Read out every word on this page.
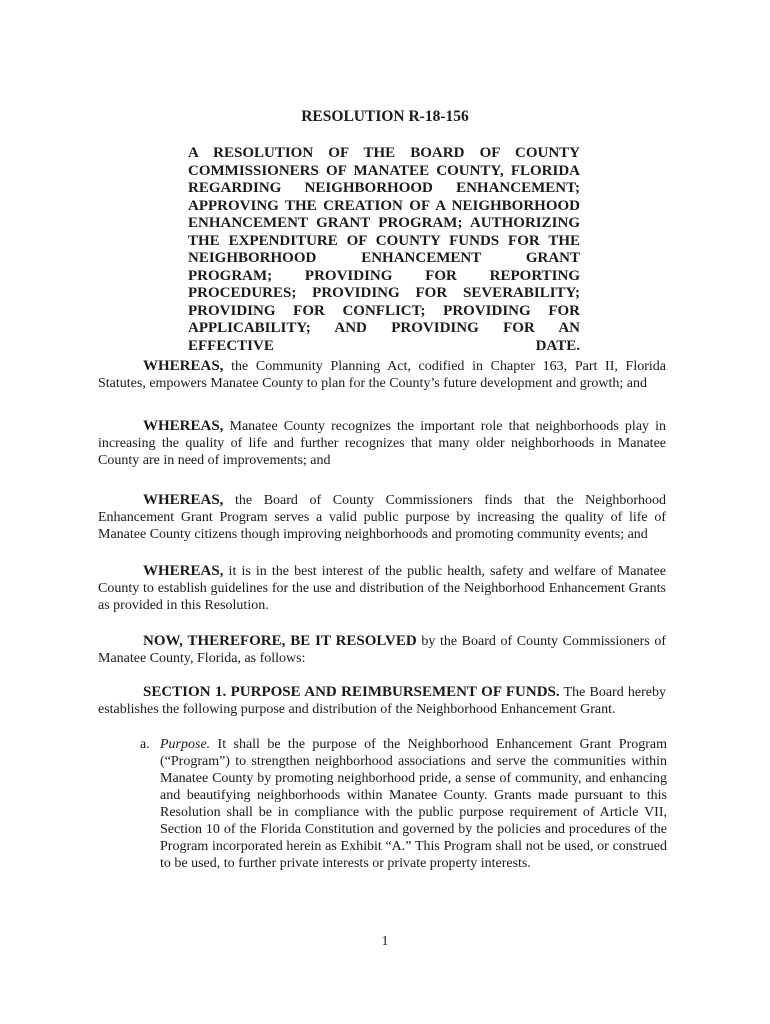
RESOLUTION R-18-156
A RESOLUTION OF THE BOARD OF COUNTY COMMISSIONERS OF MANATEE COUNTY, FLORIDA REGARDING NEIGHBORHOOD ENHANCEMENT; APPROVING THE CREATION OF A NEIGHBORHOOD ENHANCEMENT GRANT PROGRAM; AUTHORIZING THE EXPENDITURE OF COUNTY FUNDS FOR THE NEIGHBORHOOD ENHANCEMENT GRANT PROGRAM; PROVIDING FOR REPORTING PROCEDURES; PROVIDING FOR SEVERABILITY; PROVIDING FOR CONFLICT; PROVIDING FOR APPLICABILITY; AND PROVIDING FOR AN EFFECTIVE DATE.

WHEREAS, the Community Planning Act, codified in Chapter 163, Part II, Florida Statutes, empowers Manatee County to plan for the County’s future development and growth; and

WHEREAS, Manatee County recognizes the important role that neighborhoods play in increasing the quality of life and further recognizes that many older neighborhoods in Manatee County are in need of improvements; and

WHEREAS, the Board of County Commissioners finds that the Neighborhood Enhancement Grant Program serves a valid public purpose by increasing the quality of life of Manatee County citizens though improving neighborhoods and promoting community events; and

WHEREAS, it is in the best interest of the public health, safety and welfare of Manatee County to establish guidelines for the use and distribution of the Neighborhood Enhancement Grants as provided in this Resolution.

NOW, THEREFORE, BE IT RESOLVED by the Board of County Commissioners of Manatee County, Florida, as follows:

SECTION 1. PURPOSE AND REIMBURSEMENT OF FUNDS. The Board hereby establishes the following purpose and distribution of the Neighborhood Enhancement Grant.

a. Purpose. It shall be the purpose of the Neighborhood Enhancement Grant Program (“Program”) to strengthen neighborhood associations and serve the communities within Manatee County by promoting neighborhood pride, a sense of community, and enhancing and beautifying neighborhoods within Manatee County. Grants made pursuant to this Resolution shall be in compliance with the public purpose requirement of Article VII, Section 10 of the Florida Constitution and governed by the policies and procedures of the Program incorporated herein as Exhibit “A.” This Program shall not be used, or construed to be used, to further private interests or private property interests.
1
